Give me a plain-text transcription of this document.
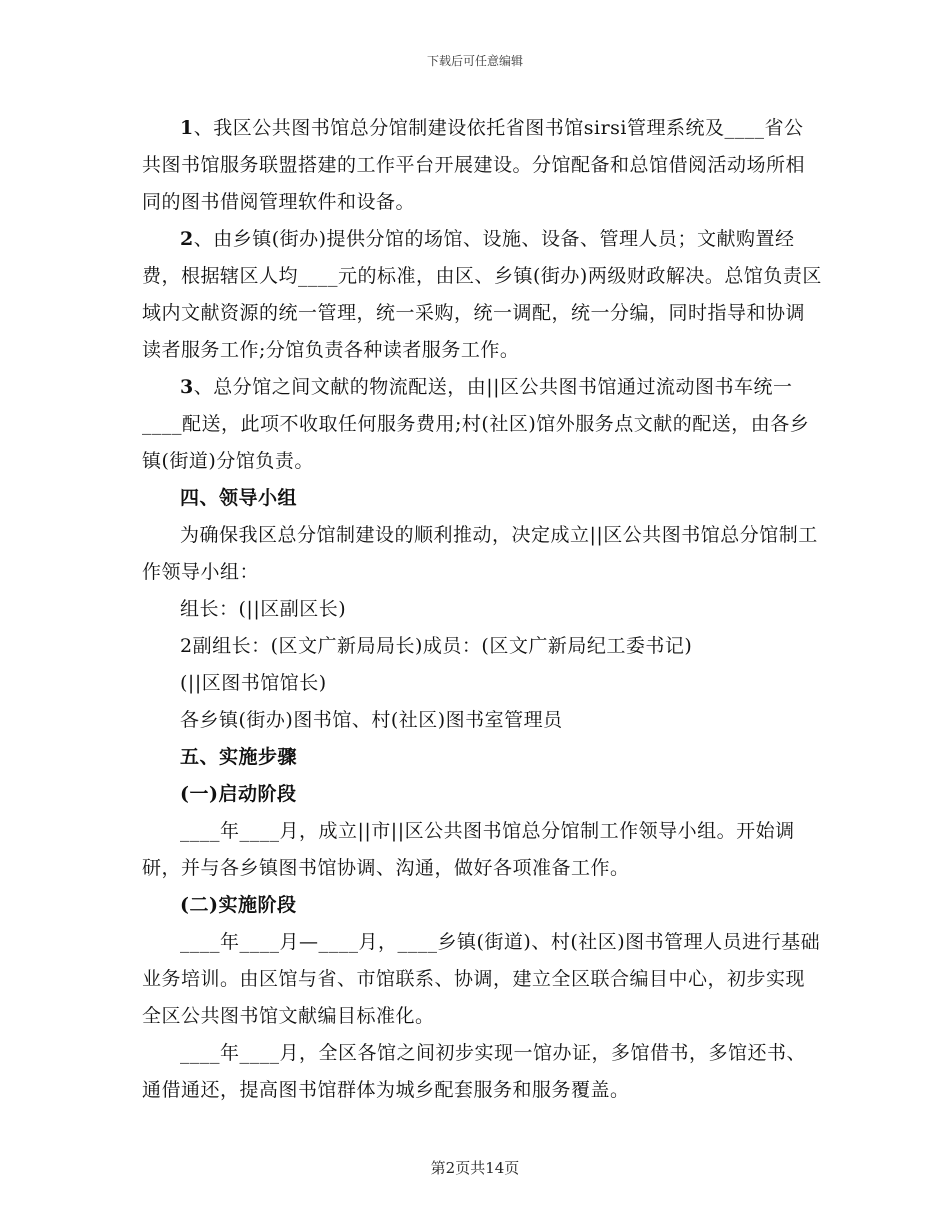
下载后可任意编辑

1、我区公共图书馆总分馆制建设依托省图书馆sirsi管理系统及____省公共图书馆服务联盟搭建的工作平台开展建设。分馆配备和总馆借阅活动场所相同的图书借阅管理软件和设备。

2、由乡镇(街办)提供分馆的场馆、设施、设备、管理人员；文献购置经费，根据辖区人均____元的标准，由区、乡镇(街办)两级财政解决。总馆负责区域内文献资源的统一管理，统一采购，统一调配，统一分编，同时指导和协调读者服务工作;分馆负责各种读者服务工作。

3、总分馆之间文献的物流配送，由||区公共图书馆通过流动图书车统一____配送，此项不收取任何服务费用;村(社区)馆外服务点文献的配送，由各乡镇(街道)分馆负责。

四、领导小组

为确保我区总分馆制建设的顺利推动，决定成立||区公共图书馆总分馆制工作领导小组：

组长：(||区副区长)

2副组长：(区文广新局局长)成员：(区文广新局纪工委书记)

(||区图书馆馆长)

各乡镇(街办)图书馆、村(社区)图书室管理员

五、实施步骤

(一)启动阶段

____年____月，成立||市||区公共图书馆总分馆制工作领导小组。开始调研，并与各乡镇图书馆协调、沟通，做好各项准备工作。

(二)实施阶段

____年____月—____月，____乡镇(街道)、村(社区)图书管理人员进行基础业务培训。由区馆与省、市馆联系、协调，建立全区联合编目中心，初步实现全区公共图书馆文献编目标准化。

____年____月，全区各馆之间初步实现一馆办证，多馆借书，多馆还书、通借通还，提高图书馆群体为城乡配套服务和服务覆盖。

第2页共14页
